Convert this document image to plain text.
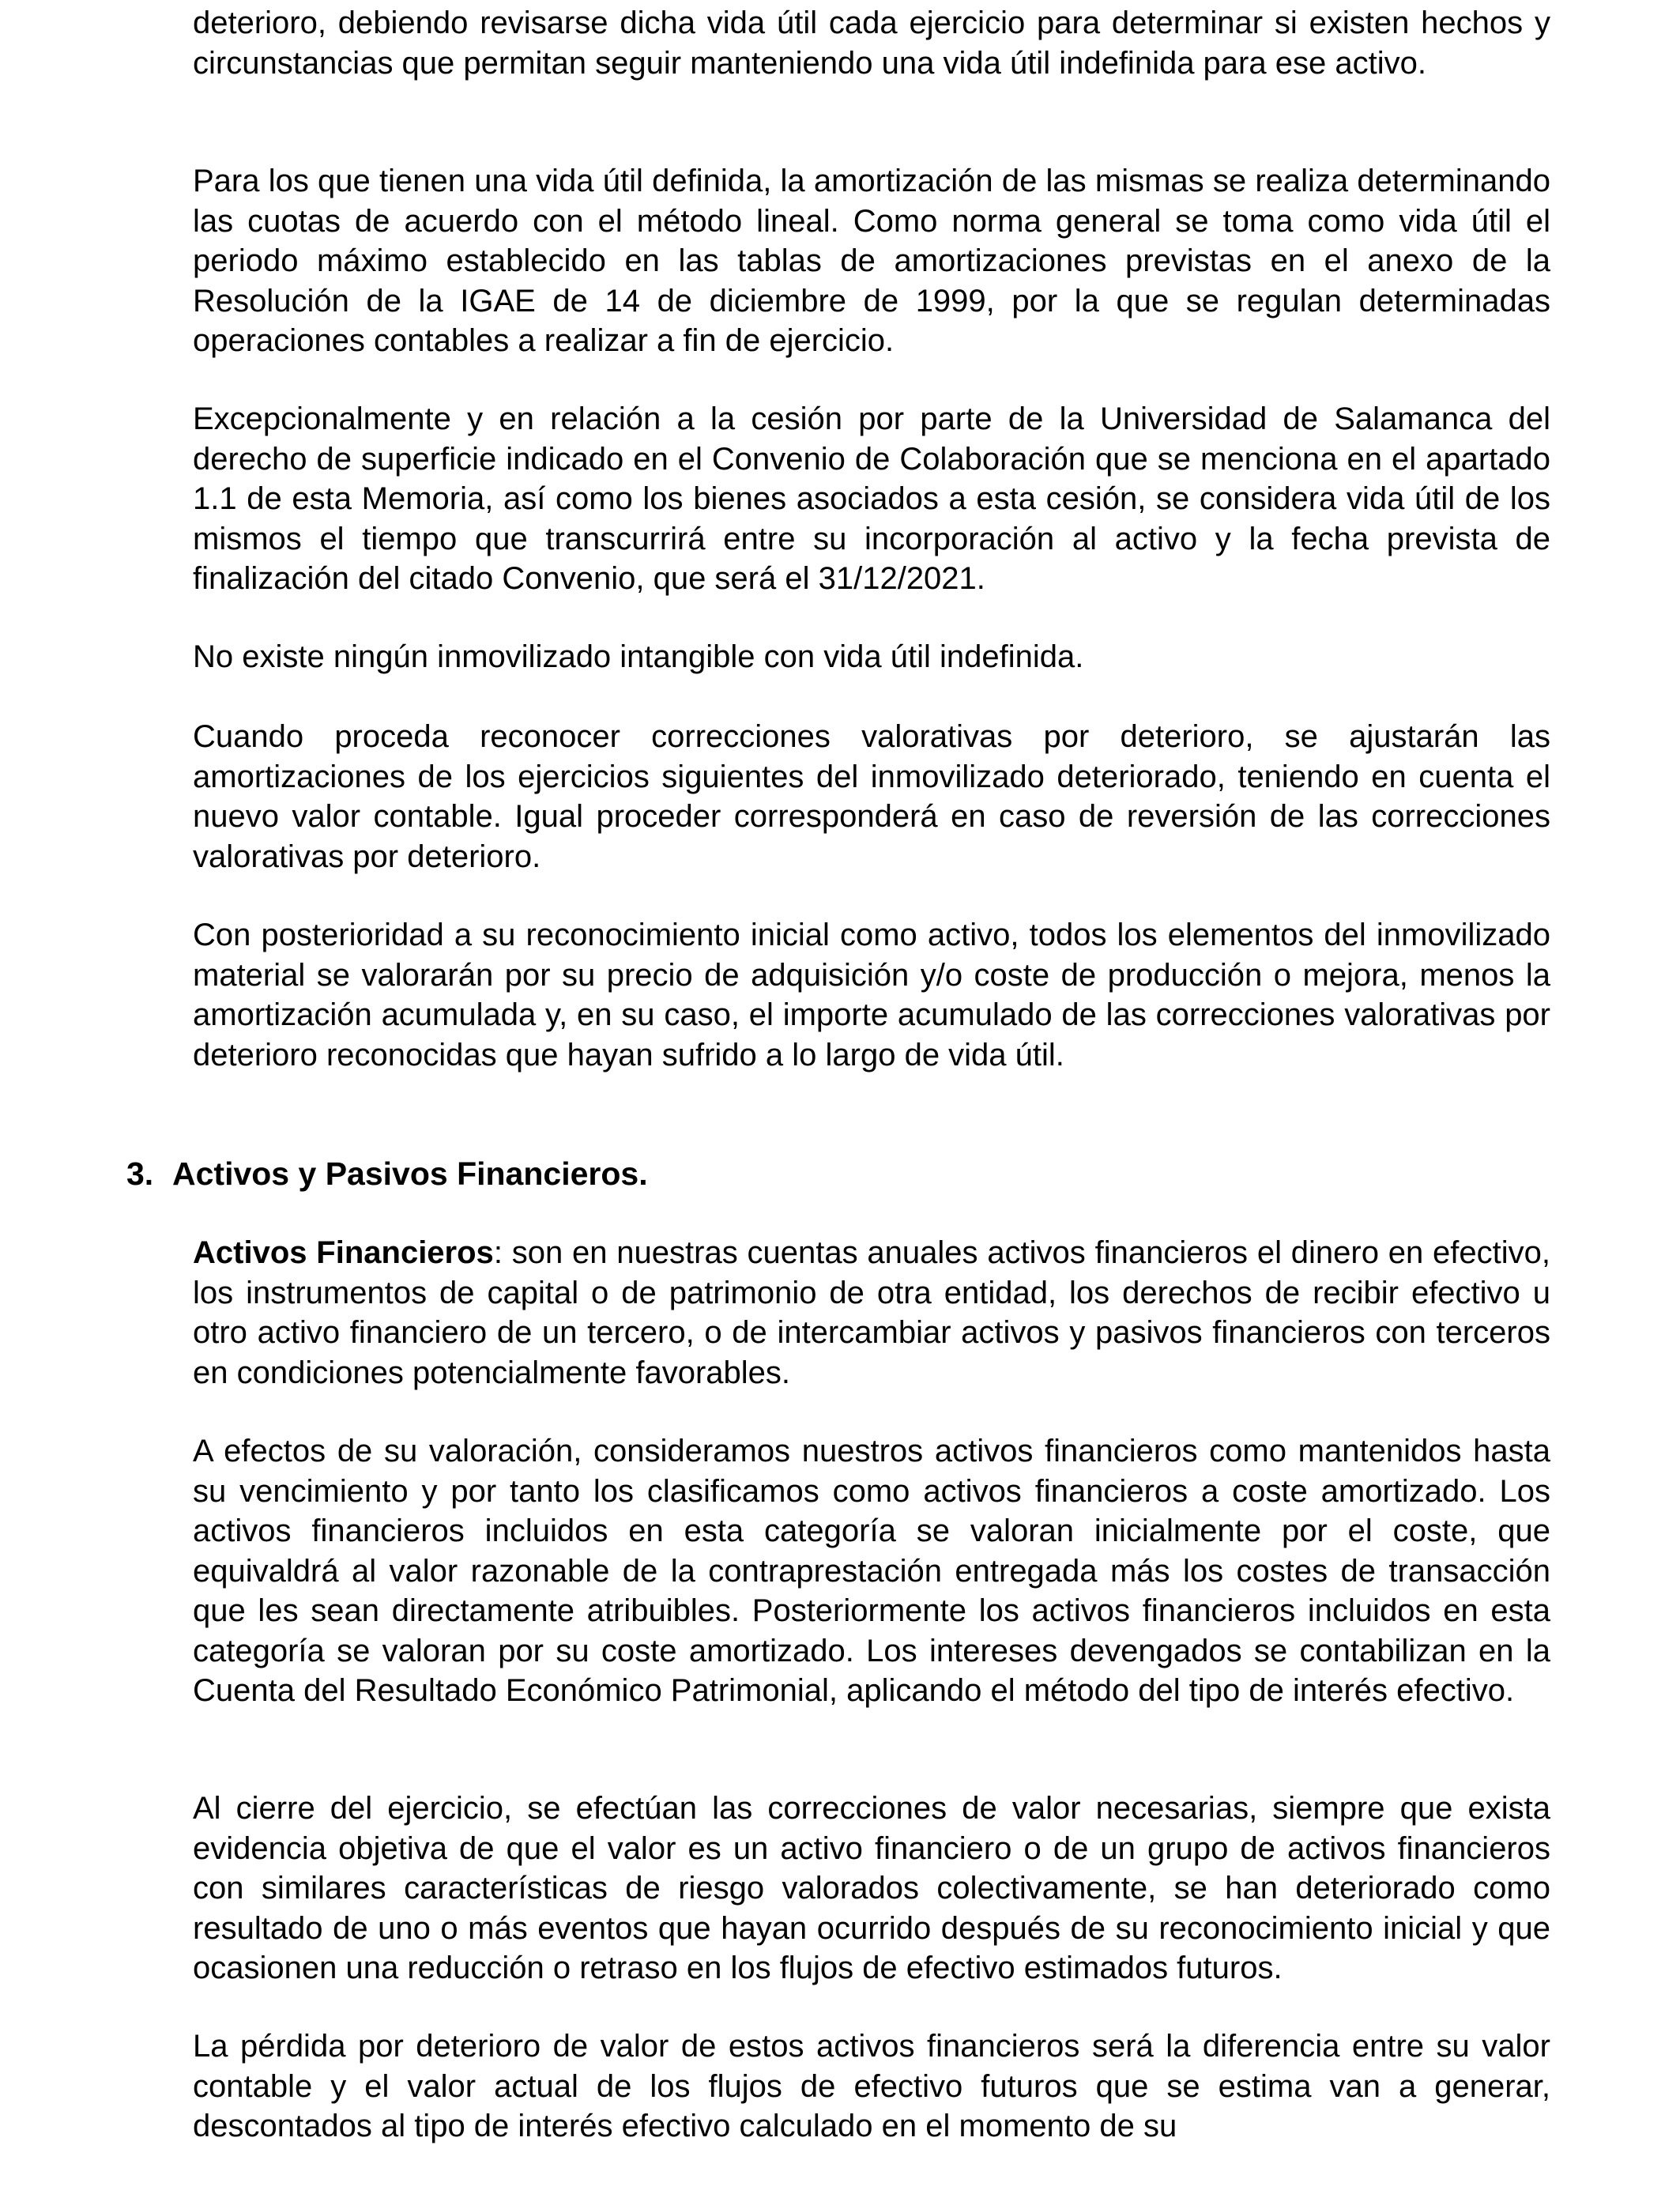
deterioro, debiendo revisarse dicha vida útil cada ejercicio para determinar si existen hechos y circunstancias que permitan seguir manteniendo una vida útil indefinida para ese activo.

Para los que tienen una vida útil definida, la amortización de las mismas se realiza determinando las cuotas de acuerdo con el método lineal. Como norma general se toma como vida útil el periodo máximo establecido en las tablas de amortizaciones previstas en el anexo de la Resolución de la IGAE de 14 de diciembre de 1999, por la que se regulan determinadas operaciones contables a realizar a fin de ejercicio.

Excepcionalmente y en relación a la cesión por parte de la Universidad de Salamanca del derecho de superficie indicado en el Convenio de Colaboración que se menciona en el apartado 1.1 de esta Memoria, así como los bienes asociados a esta cesión, se considera vida útil de los mismos el tiempo que transcurrirá entre su incorporación al activo y la fecha prevista de finalización del citado Convenio, que será el 31/12/2021.

No existe ningún inmovilizado intangible con vida útil indefinida.

Cuando proceda reconocer correcciones valorativas por deterioro, se ajustarán las amortizaciones de los ejercicios siguientes del inmovilizado deteriorado, teniendo en cuenta el nuevo valor contable. Igual proceder corresponderá en caso de reversión de las correcciones valorativas por deterioro.

Con posterioridad a su reconocimiento inicial como activo, todos los elementos del inmovilizado material se valorarán por su precio de adquisición y/o coste de producción o mejora, menos la amortización acumulada y, en su caso, el importe acumulado de las correcciones valorativas por deterioro reconocidas que hayan sufrido a lo largo de vida útil.

3. Activos y Pasivos Financieros.

Activos Financieros: son en nuestras cuentas anuales activos financieros el dinero en efectivo, los instrumentos de capital o de patrimonio de otra entidad, los derechos de recibir efectivo u otro activo financiero de un tercero, o de intercambiar activos y pasivos financieros con terceros en condiciones potencialmente favorables.

A efectos de su valoración, consideramos nuestros activos financieros como mantenidos hasta su vencimiento y por tanto los clasificamos como activos financieros a coste amortizado. Los activos financieros incluidos en esta categoría se valoran inicialmente por el coste, que equivaldrá al valor razonable de la contraprestación entregada más los costes de transacción que les sean directamente atribuibles. Posteriormente los activos financieros incluidos en esta categoría se valoran por su coste amortizado. Los intereses devengados se contabilizan en la Cuenta del Resultado Económico Patrimonial, aplicando el método del tipo de interés efectivo.

Al cierre del ejercicio, se efectúan las correcciones de valor necesarias, siempre que exista evidencia objetiva de que el valor es un activo financiero o de un grupo de activos financieros con similares características de riesgo valorados colectivamente, se han deteriorado como resultado de uno o más eventos que hayan ocurrido después de su reconocimiento inicial y que ocasionen una reducción o retraso en los flujos de efectivo estimados futuros.

La pérdida por deterioro de valor de estos activos financieros será la diferencia entre su valor contable y el valor actual de los flujos de efectivo futuros que se estima van a generar, descontados al tipo de interés efectivo calculado en el momento de su
